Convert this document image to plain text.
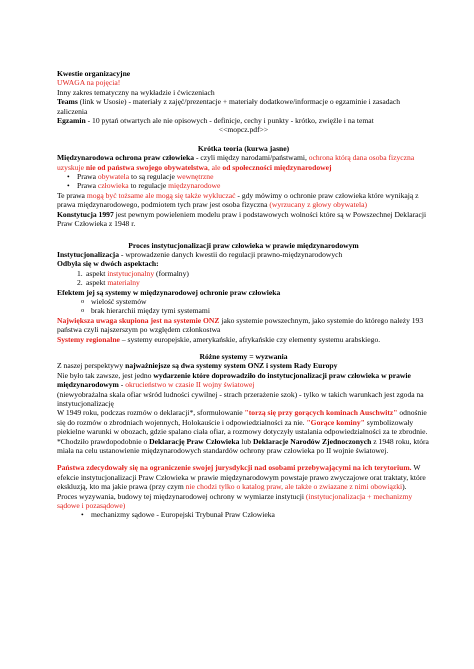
Kwestie organizacyjne

UWAGA na pojęcia!

Inny zakres tematyczny na wykładzie i ćwiczeniach

Teams (link w Usosie) - materiały z zajęć/prezentacje + materiały dodatkowe/informacje o egzaminie i zasadach zaliczenia

Egzamin - 10 pytań otwartych ale nie opisowych - definicje, cechy i punkty - krótko, zwięźle i na temat

<<mopcz.pdf>>

Krótka teoria (kurwa jasne)

Międzynarodowa ochrona praw człowieka - czyli między narodami/państwami, ochrona którą dana osoba fizyczna uzyskuje nie od państwa swojego obywatelstwa, ale od społeczności międzynarodowej

• Prawa obywatela to są regulacje wewnętrzne
• Prawa człowieka to regulacje międzynarodowe

Te prawa mogą być tożsame ale mogą się także wykluczać - gdy mówimy o ochronie praw człowieka które wynikają z prawa międzynarodowego, podmiotem tych praw jest osoba fizyczna (wyrzucany z głowy obywatela)

Konstytucja 1997 jest pewnym powieleniem modelu praw i podstawowych wolności które są w Powszechnej Deklaracji Praw Człowieka z 1948 r.

Proces instytucjonalizacji praw człowieka w prawie międzynarodowym

Instytucjonalizacja - wprowadzenie danych kwestii do regulacji prawno-międzynarodowych

Odbyła się w dwóch aspektach:

1. aspekt instytucjonalny (formalny)
2. aspekt materialny

Efektem jej są systemy w międzynarodowej ochronie praw człowieka

o wielość systemów
o brak hierarchii między tymi systemami

Największa uwaga skupiona jest na systemie ONZ jako systemie powszechnym, jako systemie do którego należy 193 państwa czyli najszerszym po względem członkostwa

Systemy regionalne – systemy europejskie, amerykańskie, afrykańskie czy elementy systemu arabskiego.

Różne systemy = wyzwania

Z naszej perspektywy najważniejsze są dwa systemy system ONZ i system Rady Europy

Nie było tak zawsze, jest jedno wydarzenie które doprowadziło do instytucjonalizacji praw człowieka w prawie międzynarodowym - okrucieństwo w czasie II wojny światowej

(niewyobrażalna skala ofiar wśród ludności cywilnej - strach przerażenie szok) - tylko w takich warunkach jest zgoda na instytucjonalizację

W 1949 roku, podczas rozmów o deklaracji*, sformułowanie "torzą się przy gorących kominach Auschwitz" odnośnie się do rozmów o zbrodniach wojennych, Holokauście i odpowiedzialności za nie. "Gorące kominy" symbolizowały piekielne warunki w obozach, gdzie spalano ciała ofiar, a rozmowy dotyczyły ustalania odpowiedzialności za te zbrodnie.

*Chodziło prawdopodobnie o Deklarację Praw Człowieka lub Deklaracje Narodów Zjednoczonych z 1948 roku, która miała na celu ustanowienie międzynarodowych standardów ochrony praw człowieka po II wojnie światowej.

Państwa zdecydowały się na ograniczenie swojej jurysdykcji nad osobami przebywającymi na ich terytorium. W efekcie instytucjonalizacji Praw Człowieka w prawie międzynarodowym powstaje prawo zwyczajowe orat traktaty, które ekskluzją, kto ma jakie prawa (przy czym nie chodzi tylko o katalog praw, ale także o zwiazane z nimi obowiązki).

Proces wyzywania, budowy tej międzynarodowej ochrony w wymiarze instytucji (instytucjonalizacja + mechanizmy sądowe i pozasądowe)

• mechanizmy sądowe - Europejski Trybunał Praw Człowieka
